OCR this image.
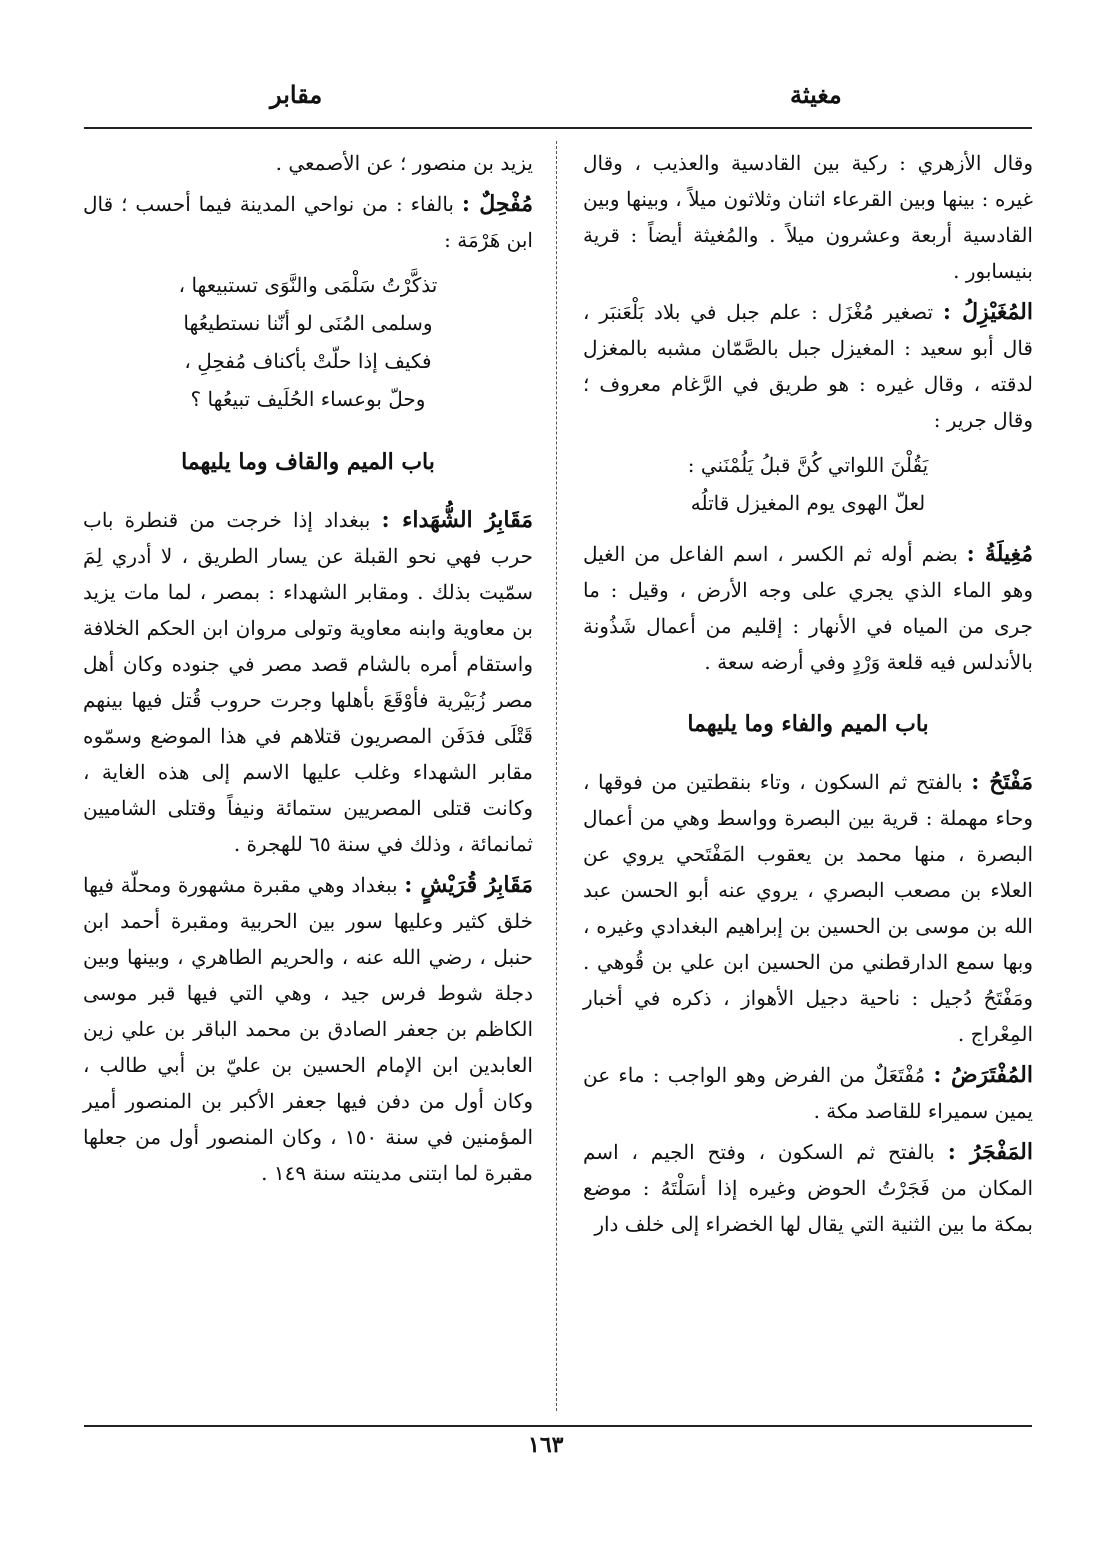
مغيثة
مقابر

وقال الأزهري : ركية بين القادسية والعذيب ، وقال غيره : بينها وبين القرعاء اثنان وثلاثون ميلاً ، وبينها وبين القادسية أربعة وعشرون ميلاً . والمُغيثة أيضاً : قرية بنيسابور .

المُغَيْزِلُ : تصغير مُغْزَل : علم جبل في بلاد بَلْعَنبَر ، قال أبو سعيد : المغيزل جبل بالصَّمّان مشبه بالمغزل لدقته ، وقال غيره : هو طريق في الرَّغام معروف ؛ وقال جرير :

يَقُلْنَ اللواتي كُنَّ قبلُ يَلُمْنَني :
لعلّ الهوى يوم المغيزل قاتلُه

مُغِيلَةُ : بضم أوله ثم الكسر ، اسم الفاعل من الغيل وهو الماء الذي يجري على وجه الأرض ، وقيل : ما جرى من المياه في الأنهار : إقليم من أعمال شَذُونة بالأندلس فيه قلعة وَرْدٍ وفي أرضه سعة .

باب الميم والفاء وما يليهما

مَفْتَحُ : بالفتح ثم السكون ، وتاء بنقطتين من فوقها ، وحاء مهملة : قرية بين البصرة وواسط وهي من أعمال البصرة ، منها محمد بن يعقوب المَفْتَحي يروي عن العلاء بن مصعب البصري ، يروي عنه أبو الحسن عبد الله بن موسى بن الحسين بن إبراهيم البغدادي وغيره ، وبها سمع الدارقطني من الحسين ابن علي بن قُوهي . ومَفْتَحُ دُجيل : ناحية دجيل الأهواز ، ذكره في أخبار المِعْراج .

المُفْتَرَضُ : مُفْتَعَلٌ من الفرض وهو الواجب : ماء عن يمين سميراء للقاصد مكة .

المَفْجَرُ : بالفتح ثم السكون ، وفتح الجيم ، اسم المكان من فَجَرْتُ الحوض وغيره إذا أسَلْتَهُ : موضع بمكة ما بين الثنية التي يقال لها الخضراء إلى خلف دار

يزيد بن منصور ؛ عن الأصمعي .

مُفْحِلٌ : بالفاء : من نواحي المدينة فيما أحسب ؛ قال ابن هَرْمَة :

تذكَّرْتُ سَلْمَى والنَّوَى تستبيعها ،
وسلمى المُنَى لو أنّنا نستطيعُها
فكيف إذا حلّتْ بأكناف مُفحِلِ ،
وحلّ بوعساء الحُلَيف تبيعُها ؟
باب الميم والقاف وما يليهما

مَقَابِرُ الشُّهَداء : ببغداد إذا خرجت من قنطرة باب حرب فهي نحو القبلة عن يسار الطريق ، لا أدري لِمَ سمّيت بذلك . ومقابر الشهداء : بمصر ، لما مات يزيد بن معاوية وابنه معاوية وتولى مروان ابن الحكم الخلافة واستقام أمره بالشام قصد مصر في جنوده وكان أهل مصر زُبَيْرية فأوْقَعَ بأهلها وجرت حروب قُتل فيها بينهم قَتْلَى فدَفَن المصريون قتلاهم في هذا الموضع وسمّوه مقابر الشهداء وغلب عليها الاسم إلى هذه الغاية ، وكانت قتلى المصريين ستمائة ونيفاً وقتلى الشاميين ثمانمائة ، وذلك في سنة ٦٥ للهجرة .

مَقَابِرُ قُرَيْشٍ : ببغداد وهي مقبرة مشهورة ومحلّة فيها خلق كثير وعليها سور بين الحربية ومقبرة أحمد ابن حنبل ، رضي الله عنه ، والحريم الطاهري ، وبينها وبين دجلة شوط فرس جيد ، وهي التي فيها قبر موسى الكاظم بن جعفر الصادق بن محمد الباقر بن علي زين العابدين ابن الإمام الحسين بن عليّ بن أبي طالب ، وكان أول من دفن فيها جعفر الأكبر بن المنصور أمير المؤمنين في سنة ١٥٠ ، وكان المنصور أول من جعلها مقبرة لما ابتنى مدينته سنة ١٤٩ .

١٦٣
